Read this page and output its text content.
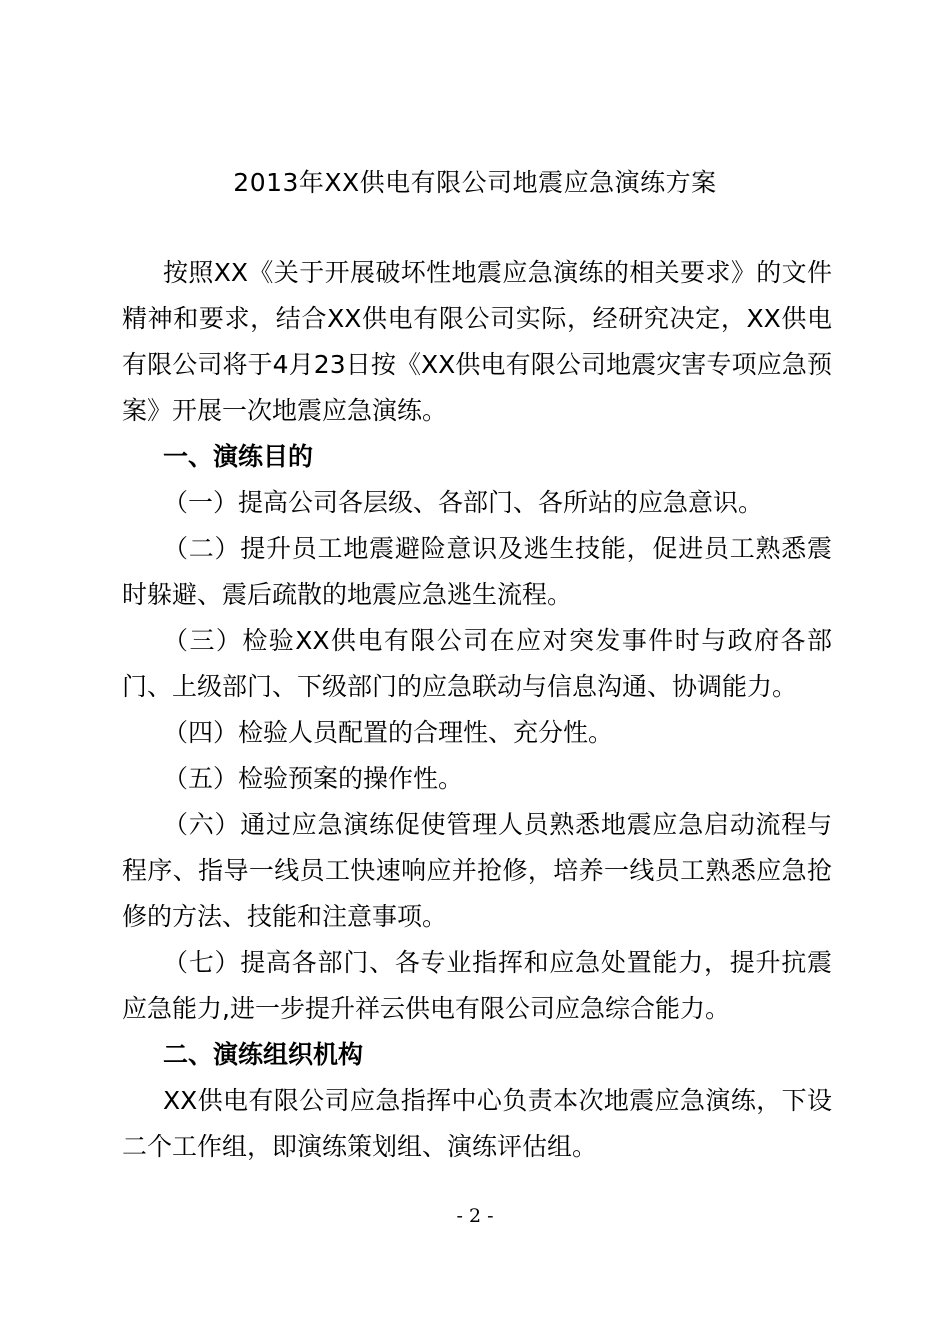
2013年XX供电有限公司地震应急演练方案

按照XX《关于开展破坏性地震应急演练的相关要求》的文件精神和要求，结合XX供电有限公司实际，经研究决定，XX供电有限公司将于4月23日按《XX供电有限公司地震灾害专项应急预案》开展一次地震应急演练。

一、演练目的

（一）提高公司各层级、各部门、各所站的应急意识。

（二）提升员工地震避险意识及逃生技能，促进员工熟悉震时躲避、震后疏散的地震应急逃生流程。

（三）检验XX供电有限公司在应对突发事件时与政府各部门、上级部门、下级部门的应急联动与信息沟通、协调能力。

（四）检验人员配置的合理性、充分性。

（五）检验预案的操作性。

（六）通过应急演练促使管理人员熟悉地震应急启动流程与程序、指导一线员工快速响应并抢修，培养一线员工熟悉应急抢修的方法、技能和注意事项。

（七）提高各部门、各专业指挥和应急处置能力，提升抗震应急能力,进一步提升祥云供电有限公司应急综合能力。

二、演练组织机构

XX供电有限公司应急指挥中心负责本次地震应急演练，下设二个工作组，即演练策划组、演练评估组。

- 2 -
